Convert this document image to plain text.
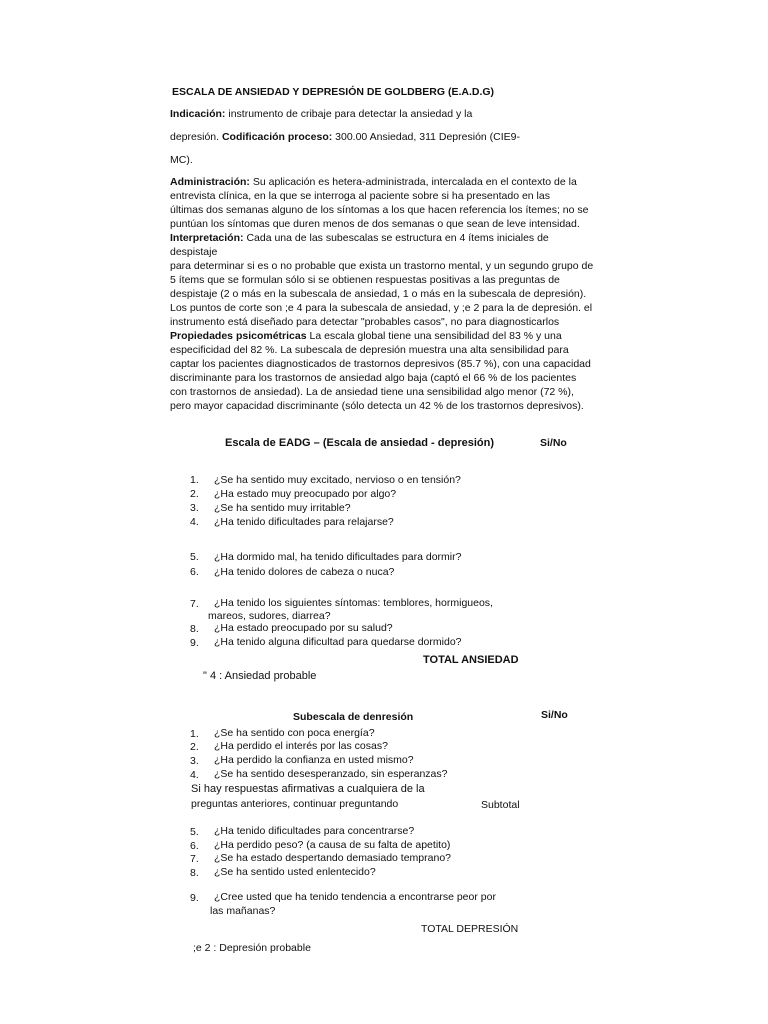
ESCALA DE ANSIEDAD Y DEPRESIÓN DE GOLDBERG (E.A.D.G)

Indicación: instrumento de cribaje para detectar la ansiedad y la

depresión. Codificación proceso: 300.00 Ansiedad, 311 Depresión (CIE9-

MC).

Administración: Su aplicación es hetera-administrada, intercalada en el contexto de la

entrevista clínica, en la que se interroga al paciente sobre si ha presentado en las

últimas dos semanas alguno de los síntomas a los que hacen referencia los ítemes; no se

puntúan los síntomas que duren menos de dos semanas o que sean de leve intensidad.

Interpretación: Cada una de las subescalas se estructura en 4 ítems iniciales de

despistaje

para determinar si es o no probable que exista un trastorno mental, y un segundo grupo de

5 ítems que se formulan sólo si se obtienen respuestas positivas a las preguntas de

despistaje (2 o más en la subescala de ansiedad, 1 o más en la subescala de depresión).

Los puntos de corte son ;e 4 para la subescala de ansiedad, y ;e 2 para la de depresión. el

instrumento está diseñado para detectar "probables casos", no para diagnosticarlos

Propiedades psicométricas La escala global tiene una sensibilidad del 83 % y una

especificidad del 82 %. La subescala de depresión muestra una alta sensibilidad para

captar los pacientes diagnosticados de trastornos depresivos (85.7 %), con una capacidad

discriminante para los trastornos de ansiedad algo baja (captó el 66 % de los pacientes

con trastornos de ansiedad). La de ansiedad tiene una sensibilidad algo menor (72 %),

pero mayor capacidad discriminante (sólo detecta un 42 % de los trastornos depresivos).

Escala de EADG – (Escala de ansiedad - depresión)	Si/No
1.	¿Se ha sentido muy excitado, nervioso o en tensión?
2.	¿Ha estado muy preocupado por algo?
3.	¿Se ha sentido muy irritable?
4.	¿Ha tenido dificultades para relajarse?
5.	¿Ha dormido mal, ha tenido dificultades para dormir?
6.	¿Ha tenido dolores de cabeza o nuca?
7.	¿Ha tenido los siguientes síntomas: temblores, hormigueos,
mareos, sudores, diarrea?
8.	¿Ha estado preocupado por su salud?
9.	¿Ha tenido alguna dificultad para quedarse dormido?
TOTAL ANSIEDAD
" 4 : Ansiedad probable
Subescala de denresión	Si/No
1.	¿Se ha sentido con poca energía?
2.	¿Ha perdido el interés por las cosas?
3.	¿Ha perdido la confianza en usted mismo?
4.	¿Se ha sentido desesperanzado, sin esperanzas?
Si hay respuestas afirmativas a cualquiera de la
preguntas anteriores, continuar preguntando	Subtotal
5.	¿Ha tenido dificultades para concentrarse?
6.	¿Ha perdido peso? (a causa de su falta de apetito)
7.	¿Se ha estado despertando demasiado temprano?
8.	¿Se ha sentido usted enlentecido?
9.	¿Cree usted que ha tenido tendencia a encontrarse peor por
las mañanas?
TOTAL DEPRESIÓN
;e 2 : Depresión probable
